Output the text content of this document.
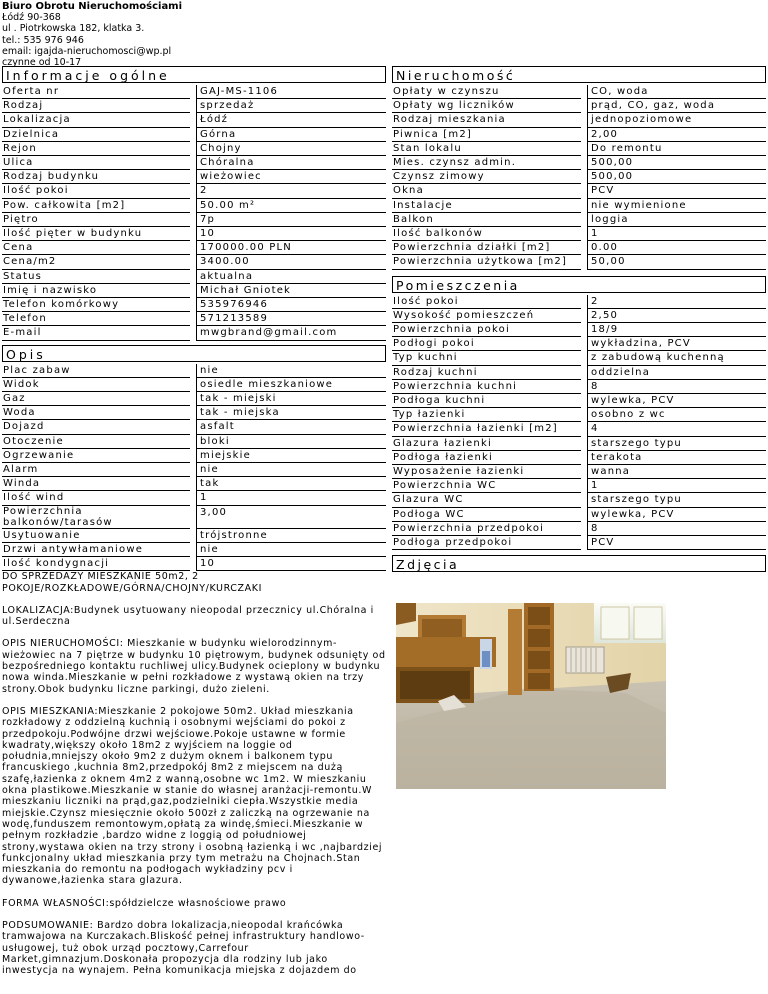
Biuro Obrotu Nieruchomościami
Łódź 90-368
ul . Piotrkowska 182, klatka 3.
tel.: 535 976 946
email: igajda-nieruchomosci@wp.pl
czynne od 10-17
Informacje ogólne
Oferta nr		GAJ-MS-1106
Rodzaj		sprzedaż
Lokalizacja		Łódź
Dzielnica		Górna
Rejon		Chojny
Ulica		Chóralna
Rodzaj budynku		wieżowiec
Ilość pokoi		2
Pow. całkowita [m2]		50.00 m²
Piętro		7p
Ilość pięter w budynku		10
Cena		170000.00 PLN
Cena/m2		3400.00
Status		aktualna
Imię i nazwisko		Michał Gniotek
Telefon komórkowy		535976946
Telefon		571213589
E-mail		mwgbrand@gmail.com
Opis
Plac zabaw		nie
Widok		osiedle mieszkaniowe
Gaz		tak - miejski
Woda		tak - miejska
Dojazd		asfalt
Otoczenie		bloki
Ogrzewanie		miejskie
Alarm		nie
Winda		tak
Ilość wind		1
Powierzchnia balkonów/tarasów		3,00
Usytuowanie		trójstronne
Drzwi antywłamaniowe		nie
Ilość kondygnacji		10

DO SPRZEDAŻY MIESZKANIE 50m2, 2 POKOJE/ROZKŁADOWE/GÓRNA/CHOJNY/KURCZAKI

LOKALIZACJA:Budynek usytuowany nieopodal przecznicy ul.Chóralna i ul.Serdeczna

OPIS NIERUCHOMOŚCI: Mieszkanie w budynku wielorodzinnym-wieżowiec na 7 piętrze w budynku 10 piętrowym, budynek odsunięty od bezpośredniego kontaktu ruchliwej ulicy.Budynek ocieplony w budynku nowa winda.Mieszkanie w pełni rozkładowe z wystawą okien na trzy strony.Obok budynku liczne parkingi, dużo zieleni.

OPIS MIESZKANIA:Mieszkanie 2 pokojowe 50m2. Układ mieszkania rozkładowy z oddzielną kuchnią i osobnymi wejściami do pokoi z przedpokoju.Podwójne drzwi wejściowe.Pokoje ustawne w formie kwadraty,większy około 18m2 z wyjściem na loggie od południa,mniejszy około 9m2 z dużym oknem i balkonem typu francuskiego ,kuchnia 8m2,przedpokój 8m2 z miejscem na dużą szafę,łazienka z oknem 4m2 z wanną,osobne wc 1m2. W mieszkaniu okna plastikowe.Mieszkanie w stanie do własnej aranżacji-remontu.W mieszkaniu liczniki na prąd,gaz,podzielniki ciepła.Wszystkie media miejskie.Czynsz miesięcznie około 500zł z zaliczką na ogrzewanie na wodę,funduszem remontowym,opłatą za windę,śmieci.Mieszkanie w pełnym rozkładzie ,bardzo widne z loggią od południowej strony,wystawa okien na trzy strony i osobną łazienką i wc ,najbardziej funkcjonalny układ mieszkania przy tym metrażu na Chojnach.Stan mieszkania do remontu na podłogach wykładziny pcv i dywanowe,łazienka stara glazura.

FORMA WŁASNOŚCI:spółdzielcze własnościowe prawo

PODSUMOWANIE: Bardzo dobra lokalizacja,nieopodal krańcówka tramwajowa na Kurczakach.Bliskość pełnej infrastruktury handlowo-usługowej, tuż obok urząd pocztowy,Carrefour Market,gimnazjum.Doskonała propozycja dla rodziny lub jako inwestycja na wynajem. Pełna komunikacja miejska z dojazdem do

Nieruchomość
Opłaty w czynszu		CO, woda
Opłaty wg liczników		prąd, CO, gaz, woda
Rodzaj mieszkania		jednopoziomowe
Piwnica [m2]		2,00
Stan lokalu		Do remontu
Mies. czynsz admin.		500,00
Czynsz zimowy		500,00
Okna		PCV
Instalacje		nie wymienione
Balkon		loggia
Ilość balkonów		1
Powierzchnia działki [m2]		0.00
Powierzchnia użytkowa [m2]		50,00
Pomieszczenia
Ilość pokoi		2
Wysokość pomieszczeń		2,50
Powierzchnia pokoi		18/9
Podłogi pokoi		wykładzina, PCV
Typ kuchni		z zabudową kuchenną
Rodzaj kuchni		oddzielna
Powierzchnia kuchni		8
Podłoga kuchni		wylewka, PCV
Typ łazienki		osobno z wc
Powierzchnia łazienki [m2]		4
Glazura łazienki		starszego typu
Podłoga łazienki		terakota
Wyposażenie łazienki		wanna
Powierzchnia WC		1
Glazura WC		starszego typu
Podłoga WC		wylewka, PCV
Powierzchnia przedpokoi		8
Podłoga przedpokoi		PCV
Zdjęcia
